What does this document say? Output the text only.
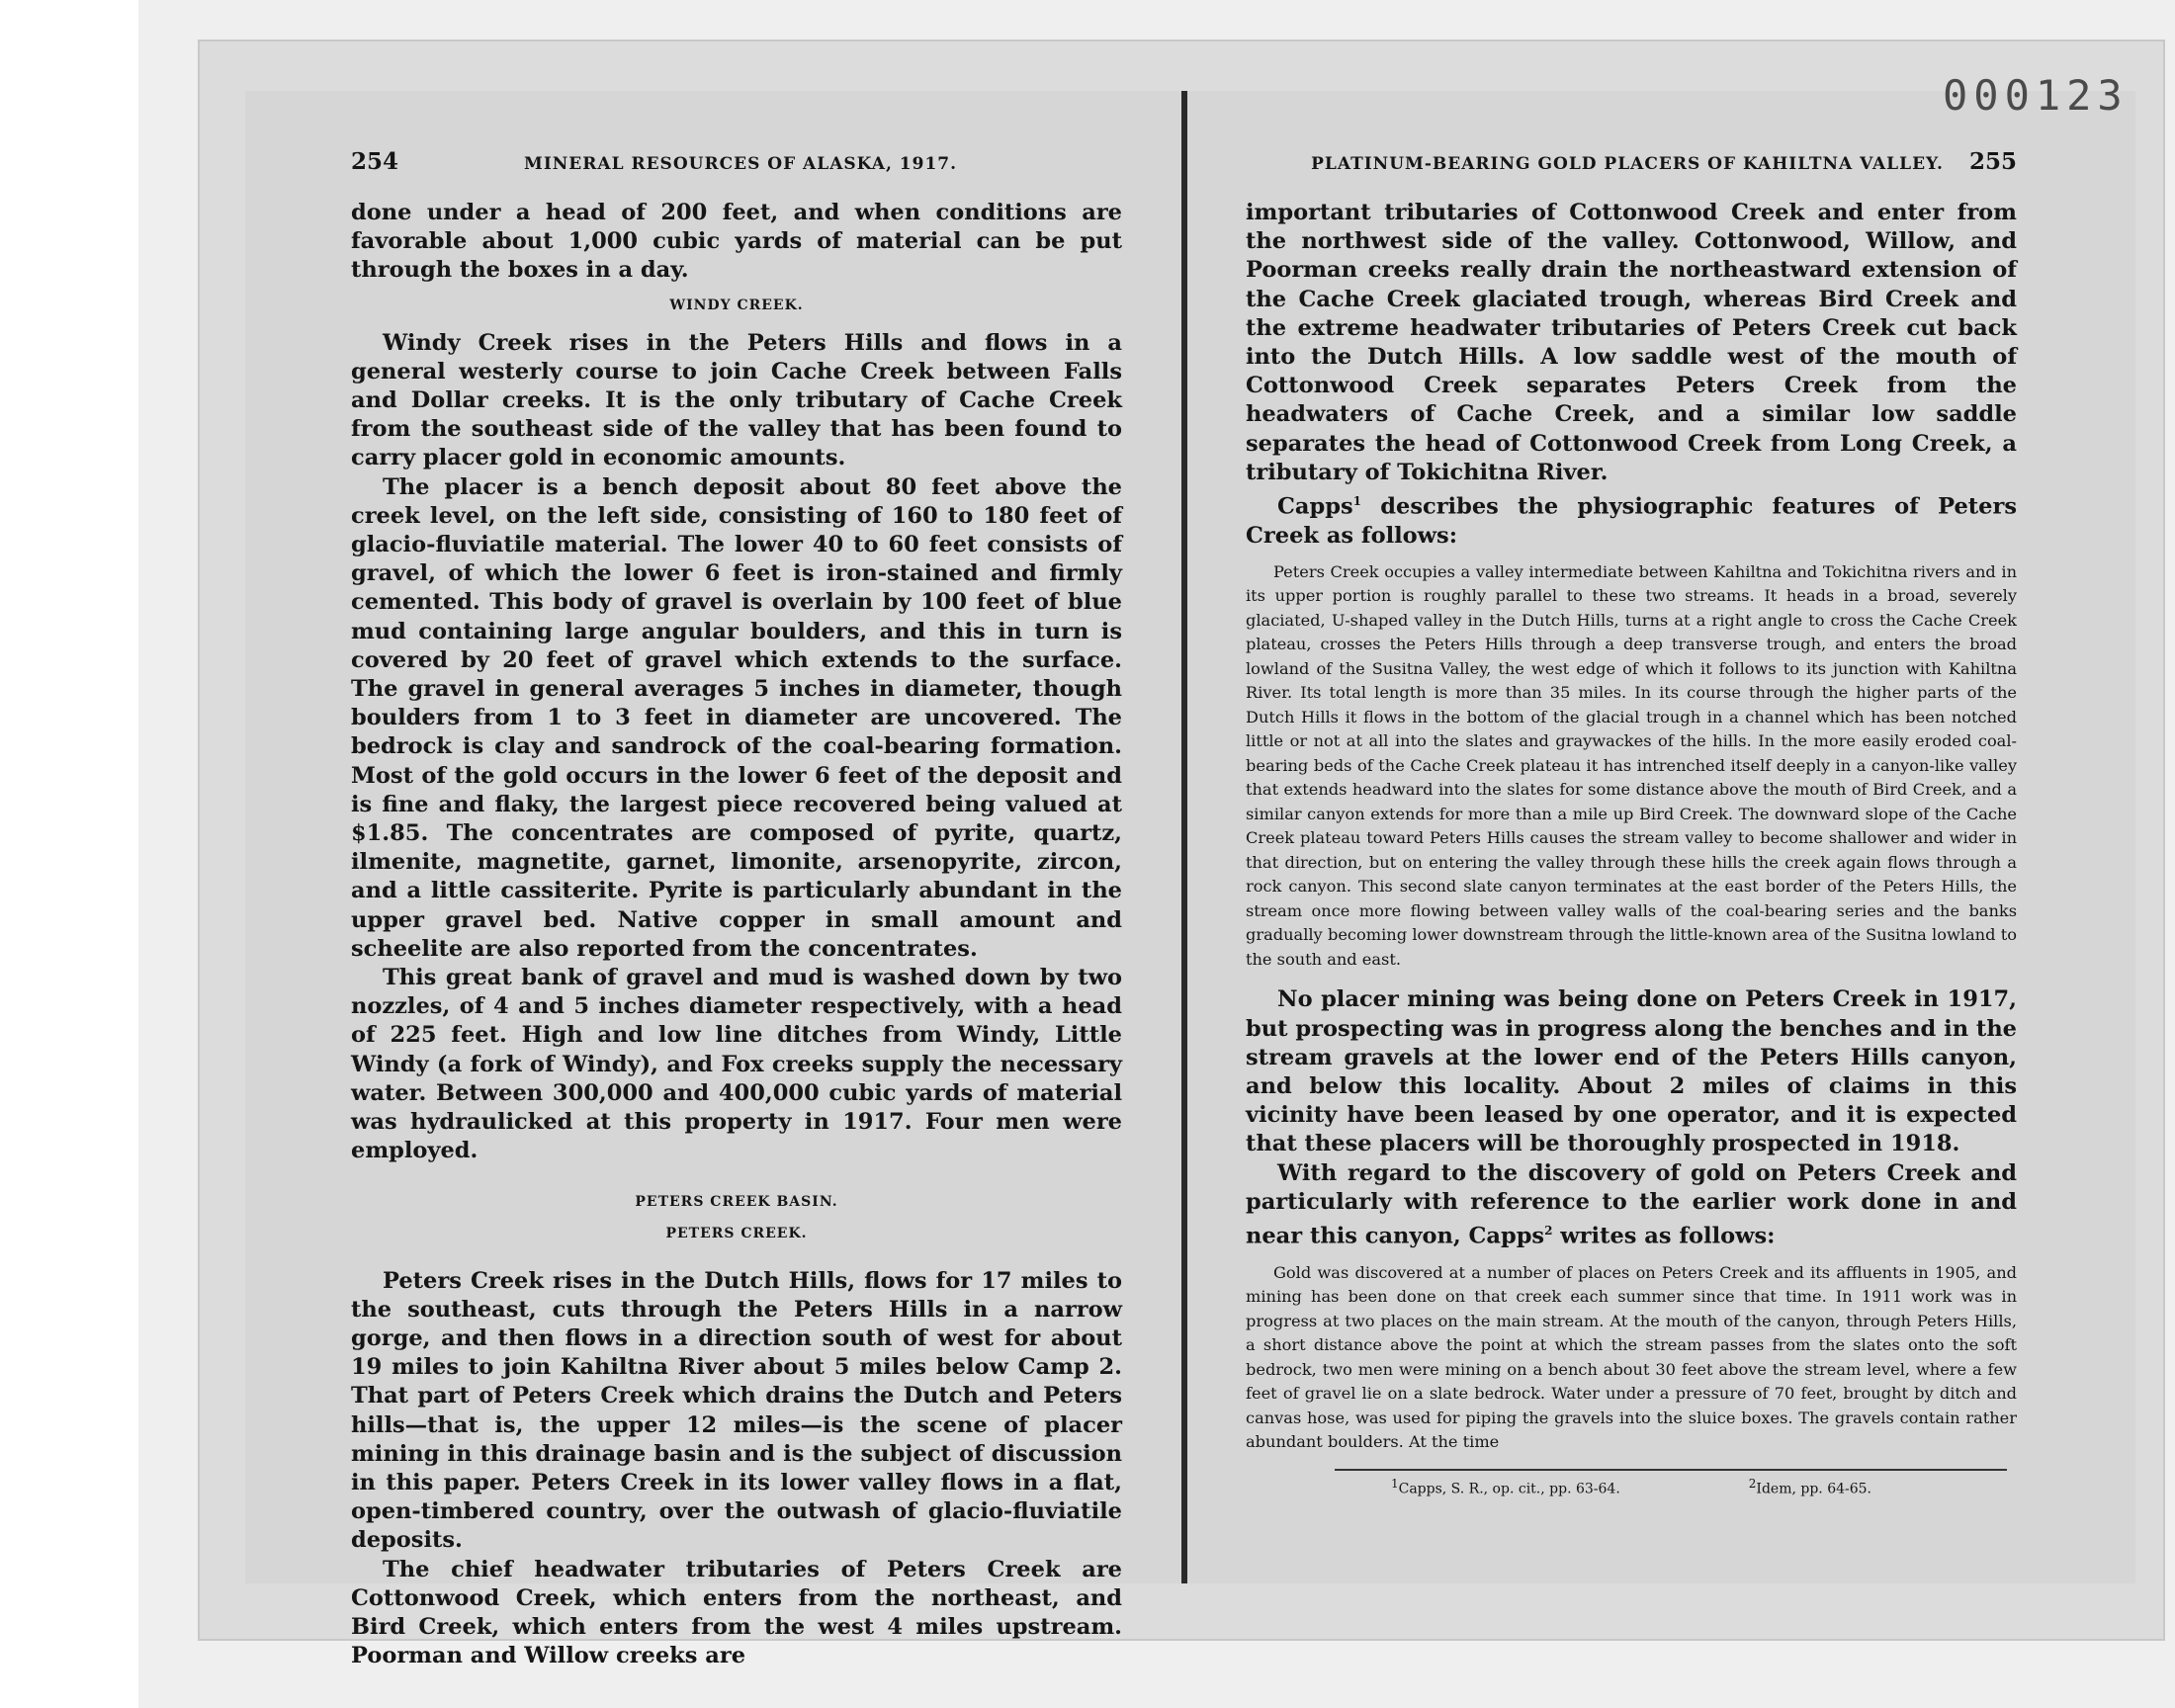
000123
254	MINERAL RESOURCES OF ALASKA, 1917.

done under a head of 200 feet, and when conditions are favorable about 1,000 cubic yards of material can be put through the boxes in a day.

WINDY CREEK.

Windy Creek rises in the Peters Hills and flows in a general westerly course to join Cache Creek between Falls and Dollar creeks. It is the only tributary of Cache Creek from the southeast side of the valley that has been found to carry placer gold in economic amounts.

The placer is a bench deposit about 80 feet above the creek level, on the left side, consisting of 160 to 180 feet of glacio-fluviatile material. The lower 40 to 60 feet consists of gravel, of which the lower 6 feet is iron-stained and firmly cemented. This body of gravel is overlain by 100 feet of blue mud containing large angular boulders, and this in turn is covered by 20 feet of gravel which extends to the surface. The gravel in general averages 5 inches in diameter, though boulders from 1 to 3 feet in diameter are uncovered. The bedrock is clay and sandrock of the coal-bearing formation. Most of the gold occurs in the lower 6 feet of the deposit and is fine and flaky, the largest piece recovered being valued at $1.85. The concentrates are composed of pyrite, quartz, ilmenite, magnetite, garnet, limonite, arsenopyrite, zircon, and a little cassiterite. Pyrite is particularly abundant in the upper gravel bed. Native copper in small amount and scheelite are also reported from the concentrates.

This great bank of gravel and mud is washed down by two nozzles, of 4 and 5 inches diameter respectively, with a head of 225 feet. High and low line ditches from Windy, Little Windy (a fork of Windy), and Fox creeks supply the necessary water. Between 300,000 and 400,000 cubic yards of material was hydraulicked at this property in 1917. Four men were employed.

PETERS CREEK BASIN.
PETERS CREEK.

Peters Creek rises in the Dutch Hills, flows for 17 miles to the southeast, cuts through the Peters Hills in a narrow gorge, and then flows in a direction south of west for about 19 miles to join Kahiltna River about 5 miles below Camp 2. That part of Peters Creek which drains the Dutch and Peters hills—that is, the upper 12 miles—is the scene of placer mining in this drainage basin and is the subject of discussion in this paper. Peters Creek in its lower valley flows in a flat, open-timbered country, over the outwash of glacio-fluviatile deposits.

The chief headwater tributaries of Peters Creek are Cottonwood Creek, which enters from the northeast, and Bird Creek, which enters from the west 4 miles upstream. Poorman and Willow creeks are

PLATINUM-BEARING GOLD PLACERS OF KAHILTNA VALLEY. 255

important tributaries of Cottonwood Creek and enter from the northwest side of the valley. Cottonwood, Willow, and Poorman creeks really drain the northeastward extension of the Cache Creek glaciated trough, whereas Bird Creek and the extreme headwater tributaries of Peters Creek cut back into the Dutch Hills. A low saddle west of the mouth of Cottonwood Creek separates Peters Creek from the headwaters of Cache Creek, and a similar low saddle separates the head of Cottonwood Creek from Long Creek, a tributary of Tokichitna River.

Capps$^1$ describes the physiographic features of Peters Creek as follows:

Peters Creek occupies a valley intermediate between Kahiltna and Tokichitna rivers and in its upper portion is roughly parallel to these two streams. It heads in a broad, severely glaciated, U-shaped valley in the Dutch Hills, turns at a right angle to cross the Cache Creek plateau, crosses the Peters Hills through a deep transverse trough, and enters the broad lowland of the Susitna Valley, the west edge of which it follows to its junction with Kahiltna River. Its total length is more than 35 miles. In its course through the higher parts of the Dutch Hills it flows in the bottom of the glacial trough in a channel which has been notched little or not at all into the slates and graywackes of the hills. In the more easily eroded coal-bearing beds of the Cache Creek plateau it has intrenched itself deeply in a canyon-like valley that extends headward into the slates for some distance above the mouth of Bird Creek, and a similar canyon extends for more than a mile up Bird Creek. The downward slope of the Cache Creek plateau toward Peters Hills causes the stream valley to become shallower and wider in that direction, but on entering the valley through these hills the creek again flows through a rock canyon. This second slate canyon terminates at the east border of the Peters Hills, the stream once more flowing between valley walls of the coal-bearing series and the banks gradually becoming lower downstream through the little-known area of the Susitna lowland to the south and east.

No placer mining was being done on Peters Creek in 1917, but prospecting was in progress along the benches and in the stream gravels at the lower end of the Peters Hills canyon, and below this locality. About 2 miles of claims in this vicinity have been leased by one operator, and it is expected that these placers will be thoroughly prospected in 1918.

With regard to the discovery of gold on Peters Creek and particularly with reference to the earlier work done in and near this canyon, Capps$^2$ writes as follows:

Gold was discovered at a number of places on Peters Creek and its affluents in 1905, and mining has been done on that creek each summer since that time. In 1911 work was in progress at two places on the main stream. At the mouth of the canyon, through Peters Hills, a short distance above the point at which the stream passes from the slates onto the soft bedrock, two men were mining on a bench about 30 feet above the stream level, where a few feet of gravel lie on a slate bedrock. Water under a pressure of 70 feet, brought by ditch and canvas hose, was used for piping the gravels into the sluice boxes. The gravels contain rather abundant boulders. At the time
$^1$Capps, S. R., op. cit., pp. 63-64.	$^2$Idem, pp. 64-65.
